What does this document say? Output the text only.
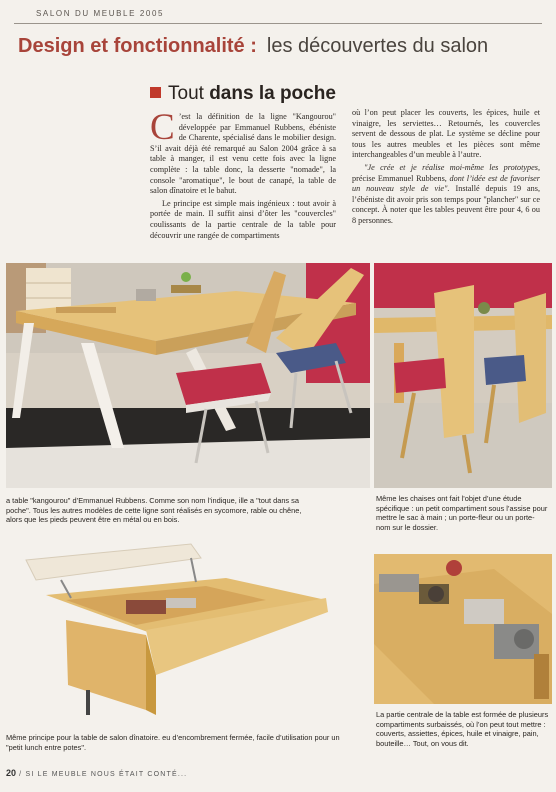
SALON DU MEUBLE 2005
Design et fonctionnalité : les découvertes du salon
Tout dans la poche

C ’est la définition de la ligne "Kangourou" développée par Emmanuel Rubbens, ébéniste de Charente, spécialisé dans le mobilier design. S’il avait déjà été remarqué au Salon 2004 grâce à sa table à manger, il est venu cette fois avec la ligne complète : la table donc, la desserte "nomade", la console "aromatique", le bout de canapé, la table de salon dînatoire et le bahut.

Le principe est simple mais ingénieux : tout avoir à portée de main. Il suffit ainsi d’ôter les "couvercles" coulissants de la partie centrale de la table pour découvrir une rangée de compartiments

où l’on peut placer les couverts, les épices, huile et vinaigre, les serviettes… Retournés, les couvercles servent de dessous de plat. Le système se décline pour tous les autres meubles et les pièces sont même interchangeables d’un meuble à l’autre.

"Je crée et je réalise moi-même les prototypes, précise Emmanuel Rubbens, dont l’idée est de favoriser un nouveau style de vie". Installé depuis 19 ans, l’ébéniste dit avoir pris son temps pour "plancher" sur ce concept. À noter que les tables peuvent être pour 4, 6 ou 8 personnes.

a table "kangourou" d’Emmanuel Rubbens. Comme son nom l’indique, ille a "tout dans sa poche". Tous les autres modèles de cette ligne sont réalisés en sycomore, rable ou chêne, alors que les pieds peuvent être en métal ou en bois.
Même les chaises ont fait l’objet d’une étude spécifique : un petit compartiment sous l’assise pour mettre le sac à main ; un porte-fleur ou un porte-nom sur le dossier.
Même principe pour la table de salon dînatoire. eu d’encombrement fermée, facile d’utilisation pour un "petit lunch entre potes".
La partie centrale de la table est formée de plusieurs compartiments surbaissés, où l’on peut tout mettre : couverts, assiettes, épices, huile et vinaigre, pain, bouteille… Tout, on vous dit.
20 / SI LE MEUBLE NOUS ÉTAIT CONTÉ...
